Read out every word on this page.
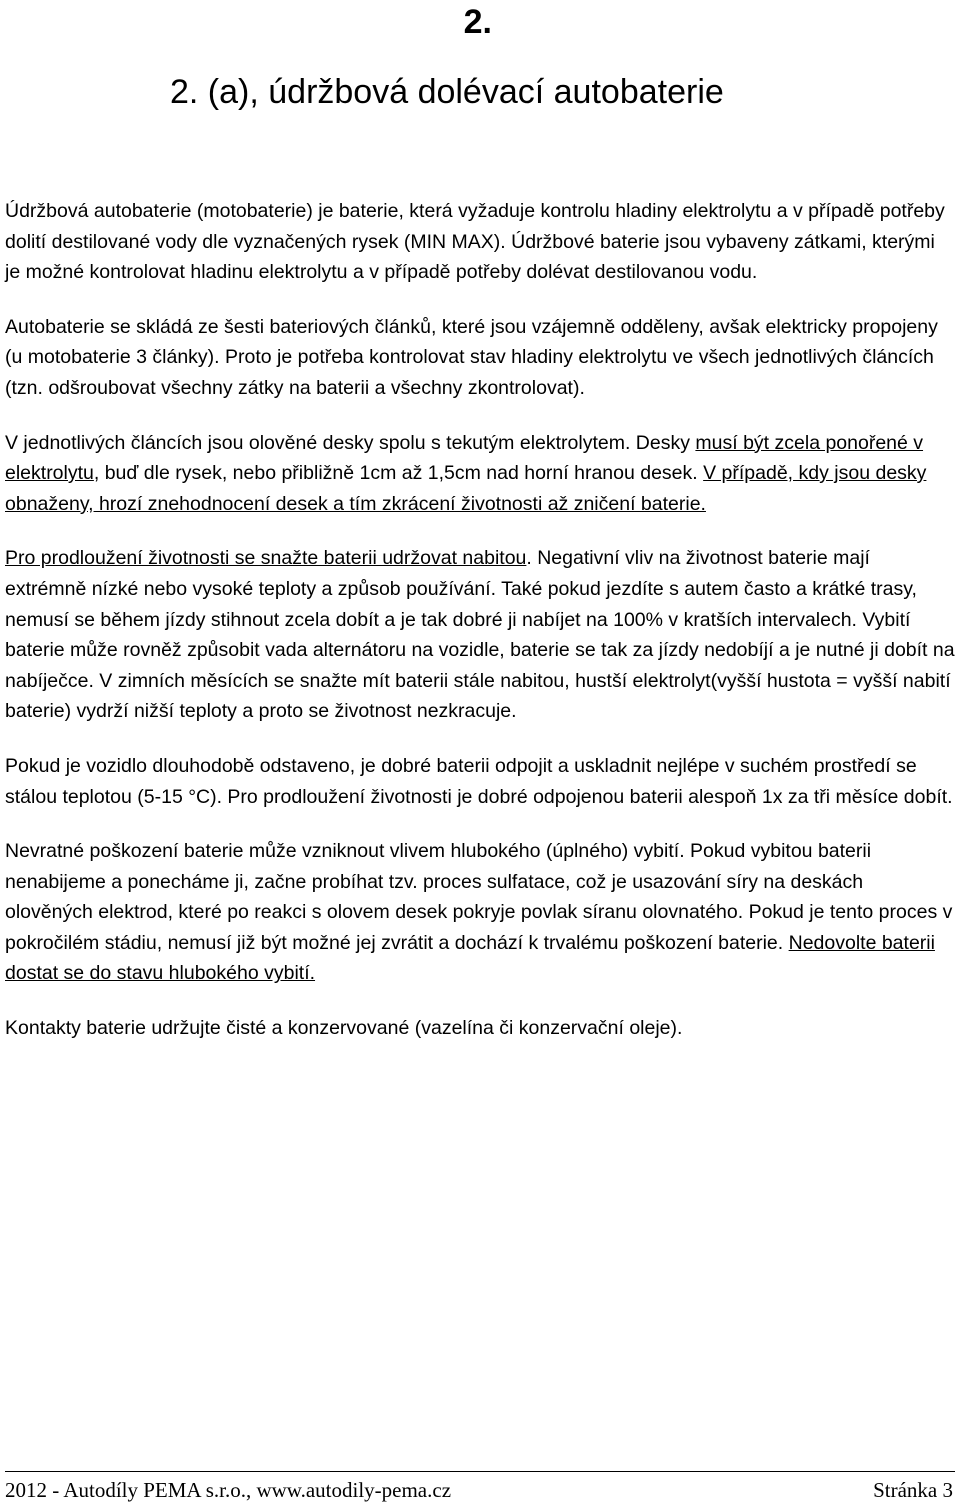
2.
2. (a), údržbová dolévací autobaterie

Údržbová autobaterie (motobaterie) je baterie, která vyžaduje kontrolu hladiny elektrolytu a v případě potřeby dolití destilované vody dle vyznačených rysek (MIN MAX). Údržbové baterie jsou vybaveny zátkami, kterými je možné kontrolovat hladinu elektrolytu a v případě potřeby dolévat destilovanou vodu.

Autobaterie se skládá ze šesti bateriových článků, které jsou vzájemně odděleny, avšak elektricky propojeny (u motobaterie 3 články). Proto je potřeba kontrolovat stav hladiny elektrolytu ve všech jednotlivých článcích (tzn. odšroubovat všechny zátky na baterii a všechny zkontrolovat).

V jednotlivých článcích jsou olověné desky spolu s tekutým elektrolytem. Desky musí být zcela ponořené v elektrolytu, buď dle rysek, nebo přibližně 1cm až 1,5cm nad horní hranou desek. V případě, kdy jsou desky obnaženy, hrozí znehodnocení desek a tím zkrácení životnosti až zničení baterie.

Pro prodloužení životnosti se snažte baterii udržovat nabitou. Negativní vliv na životnost baterie mají extrémně nízké nebo vysoké teploty a způsob používání. Také pokud jezdíte s autem často a krátké trasy, nemusí se během jízdy stihnout zcela dobít a je tak dobré ji nabíjet na 100% v kratších intervalech. Vybití baterie může rovněž způsobit vada alternátoru na vozidle, baterie se tak za jízdy nedobíjí a je nutné ji dobít na nabíječce. V zimních měsících se snažte mít baterii stále nabitou, hustší elektrolyt(vyšší hustota = vyšší nabití baterie) vydrží nižší teploty a proto se životnost nezkracuje.

Pokud je vozidlo dlouhodobě odstaveno, je dobré baterii odpojit a uskladnit nejlépe v suchém prostředí se stálou teplotou (5-15 °C). Pro prodloužení životnosti je dobré odpojenou baterii alespoň 1x za tři měsíce dobít.

Nevratné poškození baterie může vzniknout vlivem hlubokého (úplného) vybití. Pokud vybitou baterii nenabijeme a ponecháme ji, začne probíhat tzv. proces sulfatace, což je usazování síry na deskách olověných elektrod, které po reakci s olovem desek pokryje povlak síranu olovnatého. Pokud je tento proces v pokročilém stádiu, nemusí již být možné jej zvrátit a dochází k trvalému poškození baterie. Nedovolte baterii dostat se do stavu hlubokého vybití.

Kontakty baterie udržujte čisté a konzervované (vazelína či konzervační oleje).

2012 - Autodíly PEMA s.r.o., www.autodily-pema.cz	Stránka 3
